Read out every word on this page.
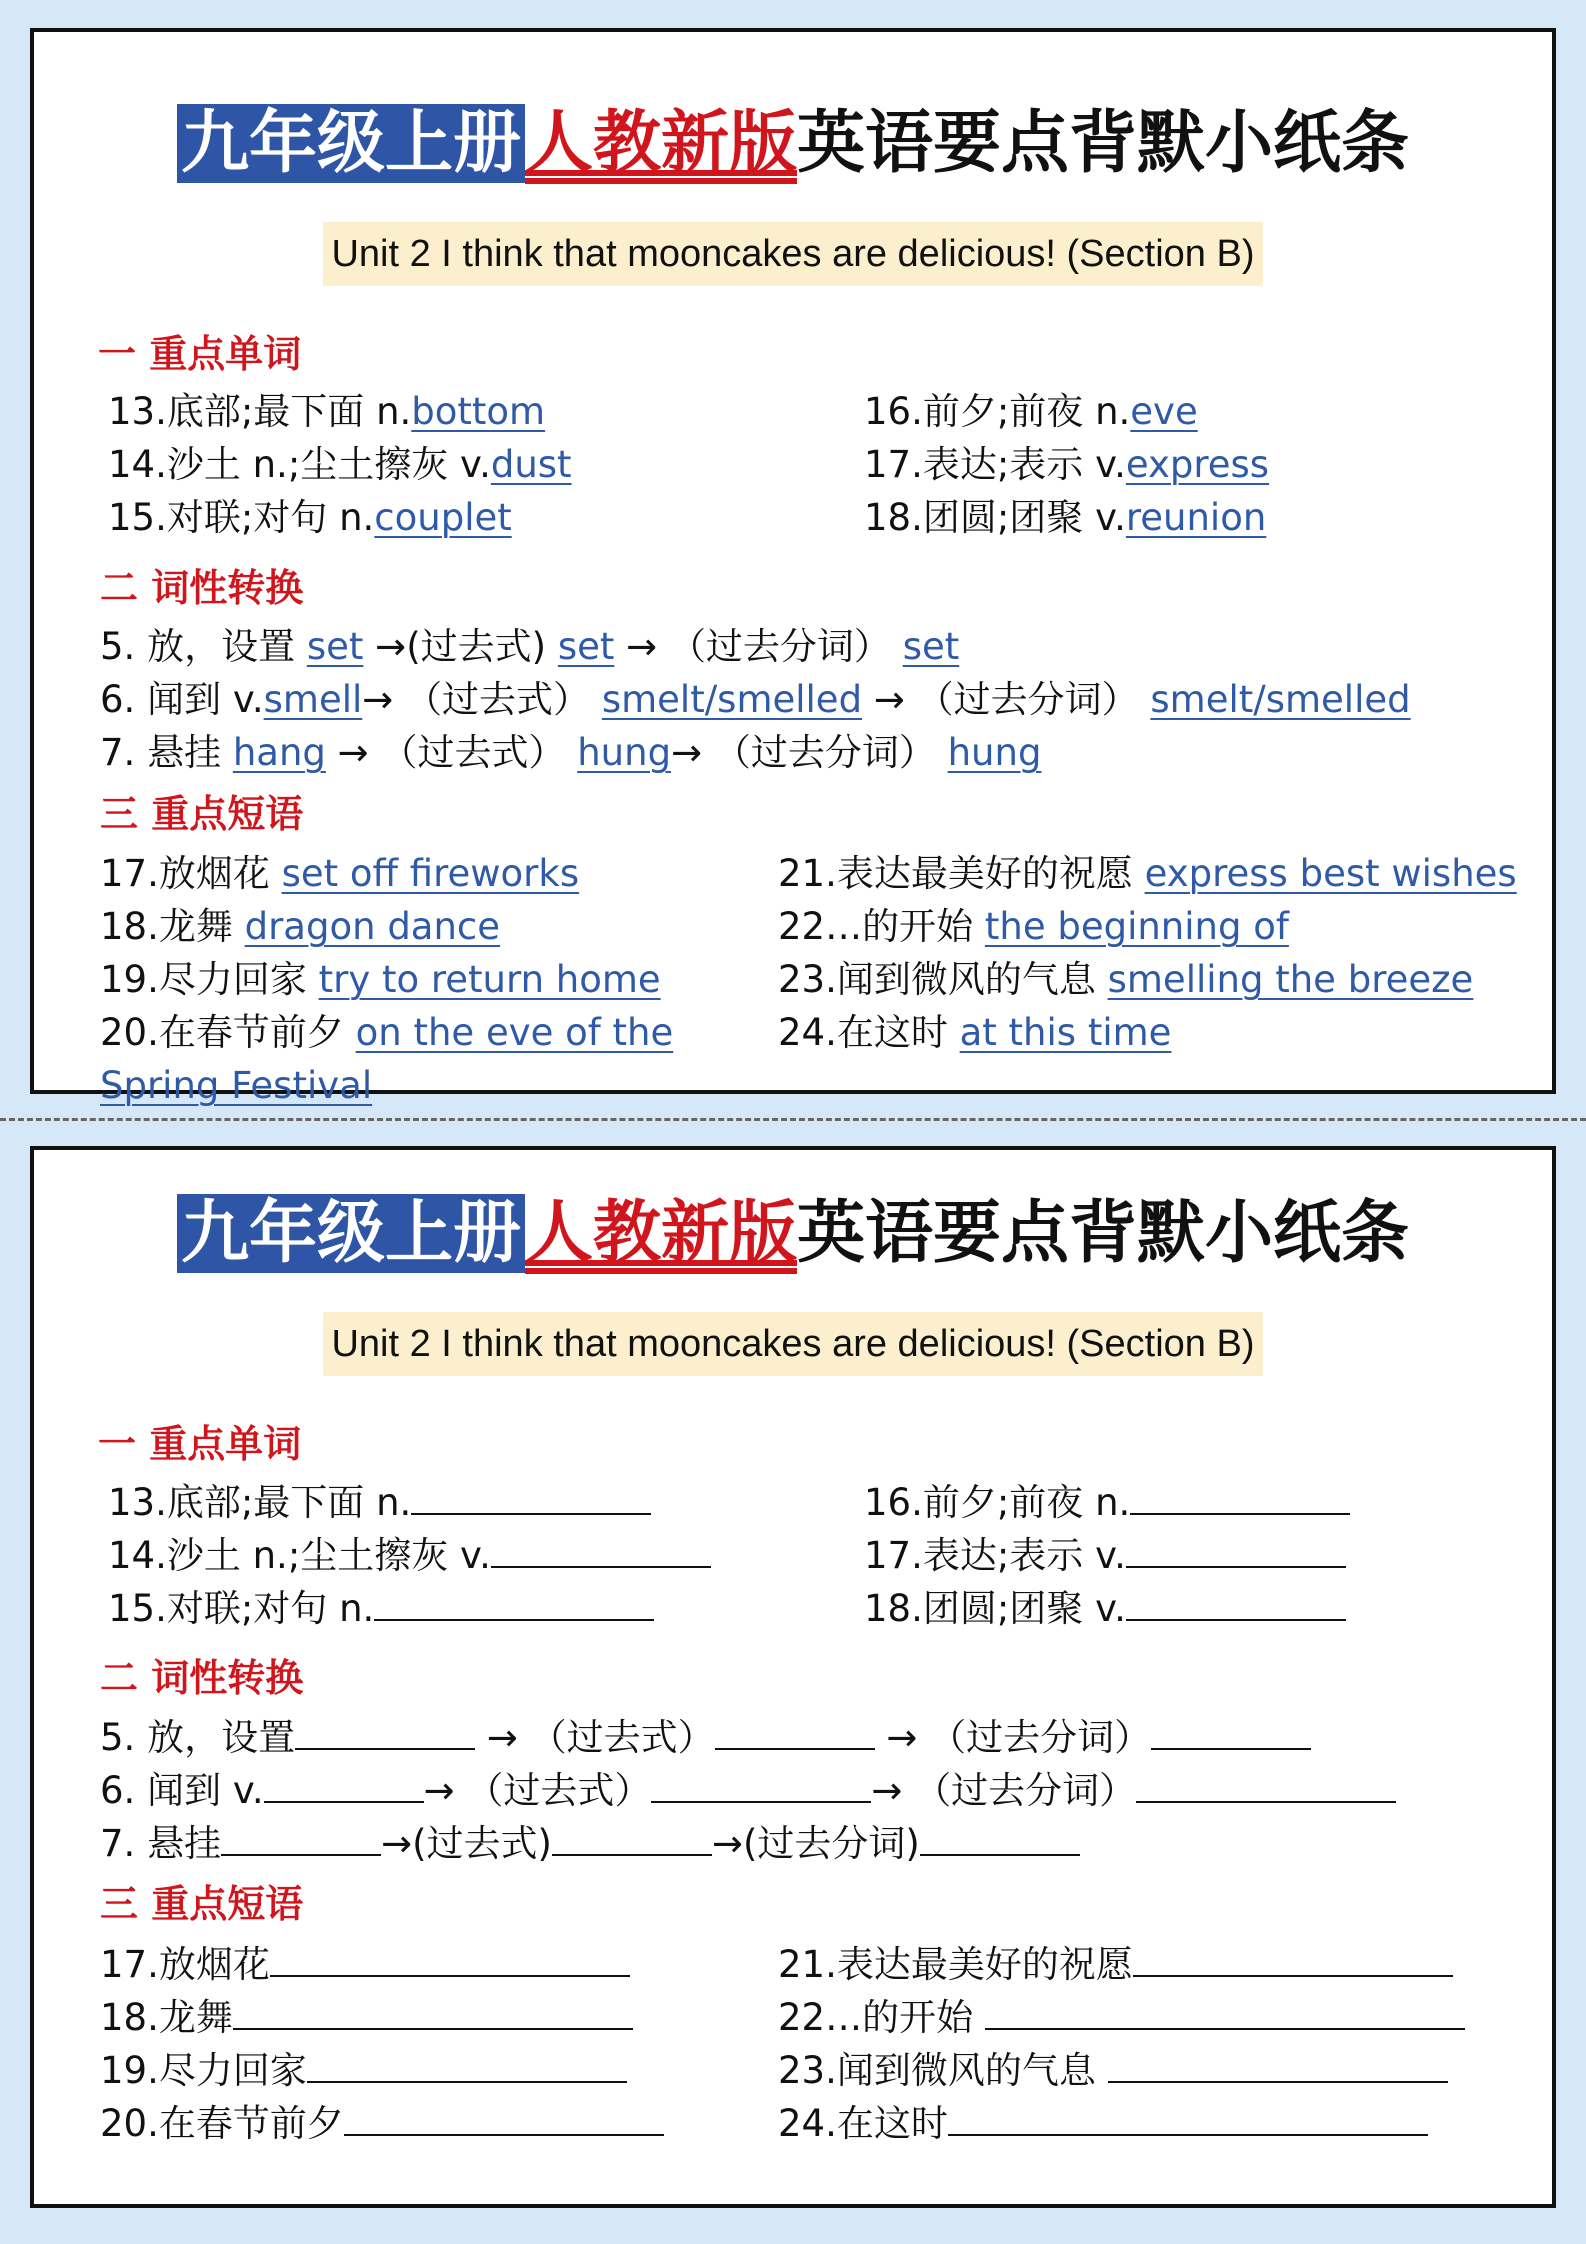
九年级上册人教新版英语要点背默小纸条
Unit 2 I think that mooncakes are delicious! (Section B)
一 重点单词
13.底部;最下面 n.bottom
14.沙土 n.;尘土擦灰 v.dust
15.对联;对句 n.couplet
16.前夕;前夜 n.eve
17.表达;表示 v.express
18.团圆;团聚 v.reunion
二 词性转换
5. 放，设置 set →(过去式) set → （过去分词） set
6. 闻到 v.smell→ （过去式） smelt/smelled → （过去分词） smelt/smelled
7. 悬挂 hang → （过去式） hung→ （过去分词） hung
三 重点短语
17.放烟花 set off fireworks
18.龙舞 dragon dance
19.尽力回家 try to return home
20.在春节前夕 on the eve of the
Spring Festival
21.表达最美好的祝愿 express best wishes
22…的开始 the beginning of
23.闻到微风的气息 smelling the breeze
24.在这时 at this time
九年级上册人教新版英语要点背默小纸条
Unit 2 I think that mooncakes are delicious! (Section B)
一 重点单词
13.底部;最下面 n.
14.沙土 n.;尘土擦灰 v.
15.对联;对句 n.
16.前夕;前夜 n.
17.表达;表示 v.
18.团圆;团聚 v.
二 词性转换
5. 放，设置	→ （过去式）	→ （过去分词）
6. 闻到 v.	→ （过去式）	→ （过去分词）
7. 悬挂	→(过去式)	→(过去分词)
三 重点短语
17.放烟花
18.龙舞
19.尽力回家
20.在春节前夕
21.表达最美好的祝愿
22…的开始
23.闻到微风的气息
24.在这时
